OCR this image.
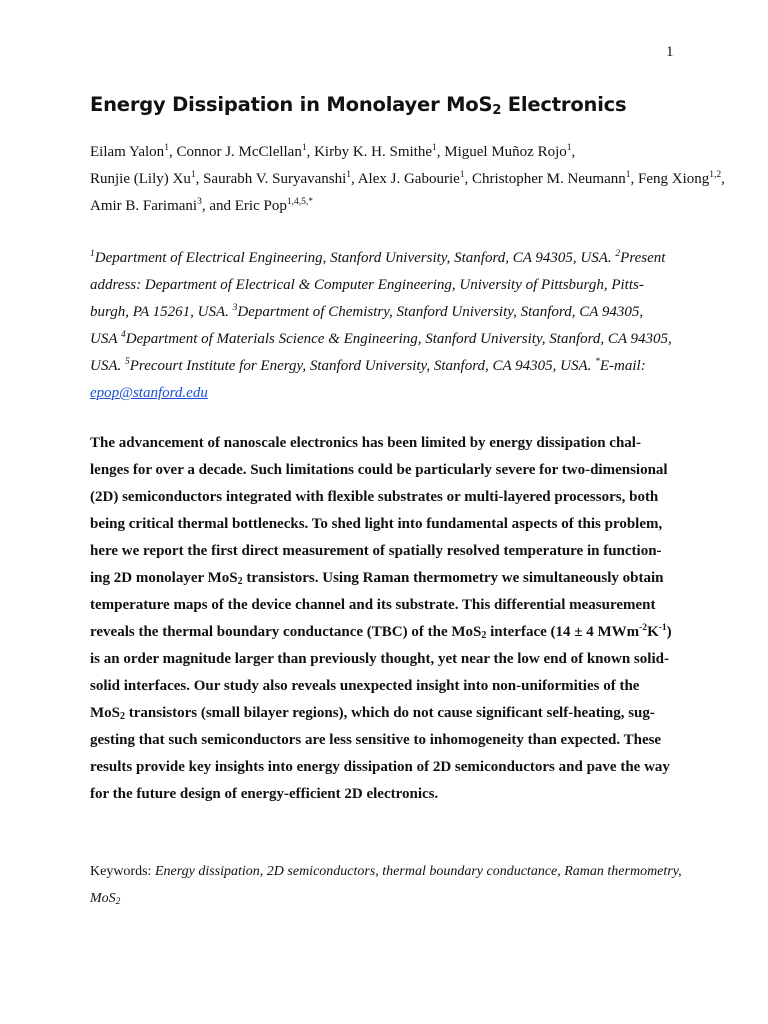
1
Energy Dissipation in Monolayer MoS$_2$ Electronics

Eilam Yalon$^1$, Connor J. McClellan$^1$, Kirby K. H. Smithe$^1$, Miguel Muñoz Rojo$^1$,

Runjie (Lily) Xu$^1$, Saurabh V. Suryavanshi$^1$, Alex J. Gabourie$^1$, Christopher M. Neumann$^1$, Feng Xiong$^{1,2}$,

Amir B. Farimani$^3$, and Eric Pop$^{1,4,5,*}$

$^1$Department of Electrical Engineering, Stanford University, Stanford, CA 94305, USA. $^2$Present

address: Department of Electrical & Computer Engineering, University of Pittsburgh, Pitts-

burgh, PA 15261, USA. $^3$Department of Chemistry, Stanford University, Stanford, CA 94305,

USA $^4$Department of Materials Science & Engineering, Stanford University, Stanford, CA 94305,

USA. $^5$Precourt Institute for Energy, Stanford University, Stanford, CA 94305, USA. *E-mail:

epop@stanford.edu

The advancement of nanoscale electronics has been limited by energy dissipation chal-

lenges for over a decade. Such limitations could be particularly severe for two-dimensional

(2D) semiconductors integrated with flexible substrates or multi-layered processors, both

being critical thermal bottlenecks. To shed light into fundamental aspects of this problem,

here we report the first direct measurement of spatially resolved temperature in function-

ing 2D monolayer MoS$_2$ transistors. Using Raman thermometry we simultaneously obtain

temperature maps of the device channel and its substrate. This differential measurement

reveals the thermal boundary conductance (TBC) of the MoS$_2$ interface (14 ± 4 $MWm^{-2}K^{-1}$)

is an order magnitude larger than previously thought, yet near the low end of known solid-

solid interfaces. Our study also reveals unexpected insight into non-uniformities of the

MoS$_2$ transistors (small bilayer regions), which do not cause significant self-heating, sug-

gesting that such semiconductors are less sensitive to inhomogeneity than expected. These

results provide key insights into energy dissipation of 2D semiconductors and pave the way

for the future design of energy-efficient 2D electronics.

Keywords: Energy dissipation, 2D semiconductors, thermal boundary conductance, Raman thermometry,

MoS$_2$
